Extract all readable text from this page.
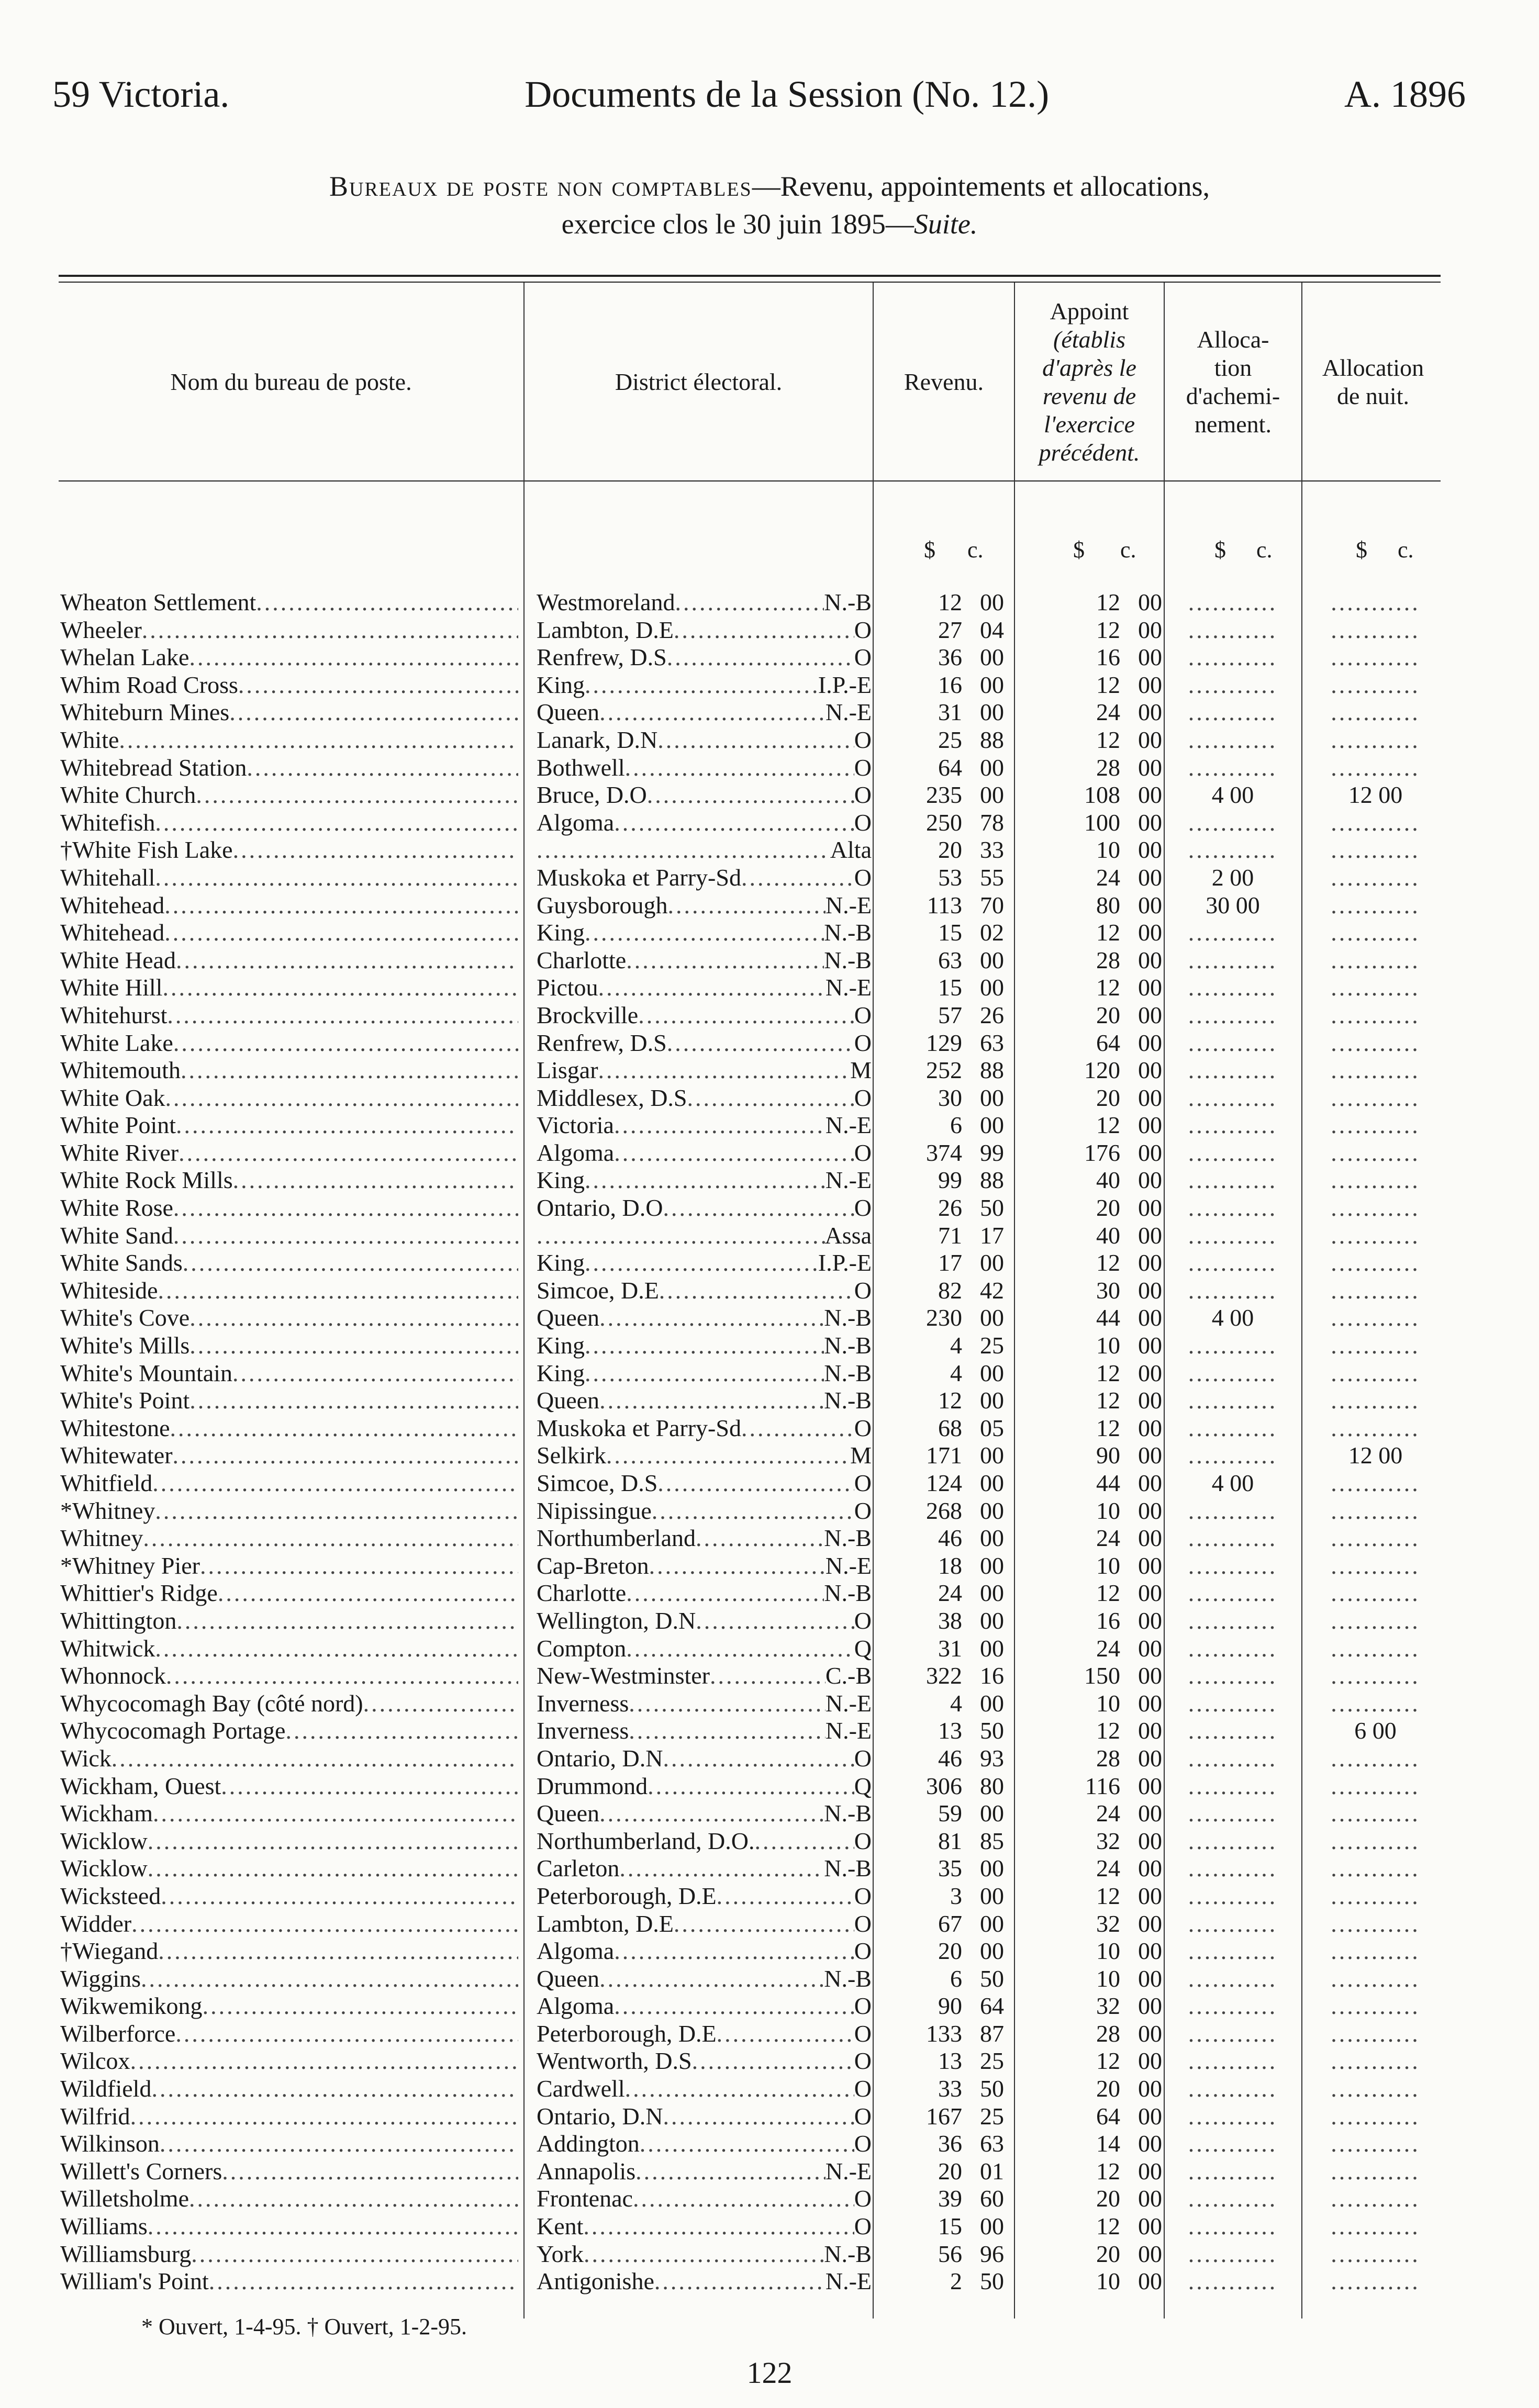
59 Victoria.	Documents de la Session (No. 12.)	A. 1896
Bureaux de poste non comptables—Revenu, appointements et allocations,
exercice clos le 30 juin 1895—Suite.
Nom du bureau de poste.	District électoral.	Revenu.
Appoint
(établis
d'après le
revenu de
l'exercice
précédent.
Alloca-
tion
d'achemi-
nement.
Allocation
de nuit.
$ c.	$ c.	$ c.	$ c.
Wheaton Settlement .....	Westmoreland .....	N.-B	12 00	12 00	...........	...........
Wheeler .....	Lambton, D.E .....	O	27 04	12 00	...........	...........
Whelan Lake .....	Renfrew, D.S .....	O	36 00	16 00	...........	...........
Whim Road Cross .....	King .....	I.P.-E	16 00	12 00	...........	...........
Whiteburn Mines .....	Queen .....	N.-E	31 00	24 00	...........	...........
White .....	Lanark, D.N .....	O	25 88	12 00	...........	...........
Whitebread Station .....	Bothwell .....	O	64 00	28 00	...........	...........
White Church .....	Bruce, D.O .....	O	235 00	108 00	4 00	12 00
Whitefish .....	Algoma .....	O	250 78	100 00	...........	...........
†White Fish Lake ..... .....	Alta	20 33	10 00	...........	...........
Whitehall .....	Muskoka et Parry-Sd .....	O	53 55	24 00	2 00	...........
Whitehead .....	Guysborough .....	N.-E	113 70	80 00	30 00	...........
Whitehead .....	King .....	N.-B	15 02	12 00	...........	...........
White Head .....	Charlotte .....	N.-B	63 00	28 00	...........	...........
White Hill .....	Pictou .....	N.-E	15 00	12 00	...........	...........
Whitehurst .....	Brockville .....	O	57 26	20 00	...........	...........
White Lake .....	Renfrew, D.S .....	O	129 63	64 00	...........	...........
Whitemouth .....	Lisgar .....	M	252 88	120 00	...........	...........
White Oak .....	Middlesex, D.S .....	O	30 00	20 00	...........	...........
White Point .....	Victoria .....	N.-E	6 00	12 00	...........	...........
White River .....	Algoma .....	O	374 99	176 00	...........	...........
White Rock Mills .....	King .....	N.-E	99 88	40 00	...........	...........
White Rose .....	Ontario, D.O .....	O	26 50	20 00	...........	...........
White Sand ..... .....	Assa	71 17	40 00	...........	...........
White Sands .....	King .....	I.P.-E	17 00	12 00	...........	...........
Whiteside .....	Simcoe, D.E .....	O	82 42	30 00	...........	...........
White's Cove .....	Queen .....	N.-B	230 00	44 00	4 00	...........
White's Mills .....	King .....	N.-B	4 25	10 00	...........	...........
White's Mountain .....	King .....	N.-B	4 00	12 00	...........	...........
White's Point .....	Queen .....	N.-B	12 00	12 00	...........	...........
Whitestone .....	Muskoka et Parry-Sd .....	O	68 05	12 00	...........	...........
Whitewater .....	Selkirk .....	M	171 00	90 00	...........	12 00
Whitfield .....	Simcoe, D.S .....	O	124 00	44 00	4 00	...........
*Whitney .....	Nipissingue .....	O	268 00	10 00	...........	...........
Whitney .....	Northumberland .....	N.-B	46 00	24 00	...........	...........
*Whitney Pier .....	Cap-Breton .....	N.-E	18 00	10 00	...........	...........
Whittier's Ridge .....	Charlotte .....	N.-B	24 00	12 00	...........	...........
Whittington .....	Wellington, D.N .....	O	38 00	16 00	...........	...........
Whitwick .....	Compton .....	Q	31 00	24 00	...........	...........
Whonnock .....	New-Westminster .....	C.-B	322 16	150 00	...........	...........
Whycocomagh Bay (côté nord) .....	Inverness .....	N.-E	4 00	10 00	...........	...........
Whycocomagh Portage .....	Inverness .....	N.-E	13 50	12 00	...........	6 00
Wick .....	Ontario, D.N .....	O	46 93	28 00	...........	...........
Wickham, Ouest .....	Drummond .....	Q	306 80	116 00	...........	...........
Wickham .....	Queen .....	N.-B	59 00	24 00	...........	...........
Wicklow .....	Northumberland, D.O. .....	O	81 85	32 00	...........	...........
Wicklow .....	Carleton .....	N.-B	35 00	24 00	...........	...........
Wicksteed .....	Peterborough, D.E .....	O	3 00	12 00	...........	...........
Widder .....	Lambton, D.E .....	O	67 00	32 00	...........	...........
†Wiegand .....	Algoma .....	O	20 00	10 00	...........	...........
Wiggins .....	Queen .....	N.-B	6 50	10 00	...........	...........
Wikwemikong .....	Algoma .....	O	90 64	32 00	...........	...........
Wilberforce .....	Peterborough, D.E .....	O	133 87	28 00	...........	...........
Wilcox .....	Wentworth, D.S .....	O	13 25	12 00	...........	...........
Wildfield .....	Cardwell .....	O	33 50	20 00	...........	...........
Wilfrid .....	Ontario, D.N .....	O	167 25	64 00	...........	...........
Wilkinson .....	Addington .....	O	36 63	14 00	...........	...........
Willett's Corners .....	Annapolis .....	N.-E	20 01	12 00	...........	...........
Willetsholme .....	Frontenac .....	O	39 60	20 00	...........	...........
Williams .....	Kent .....	O	15 00	12 00	...........	...........
Williamsburg .....	York .....	N.-B	56 96	20 00	...........	...........
William's Point .....	Antigonishe .....	N.-E	2 50	10 00	...........	...........
* Ouvert, 1-4-95. † Ouvert, 1-2-95.
122
